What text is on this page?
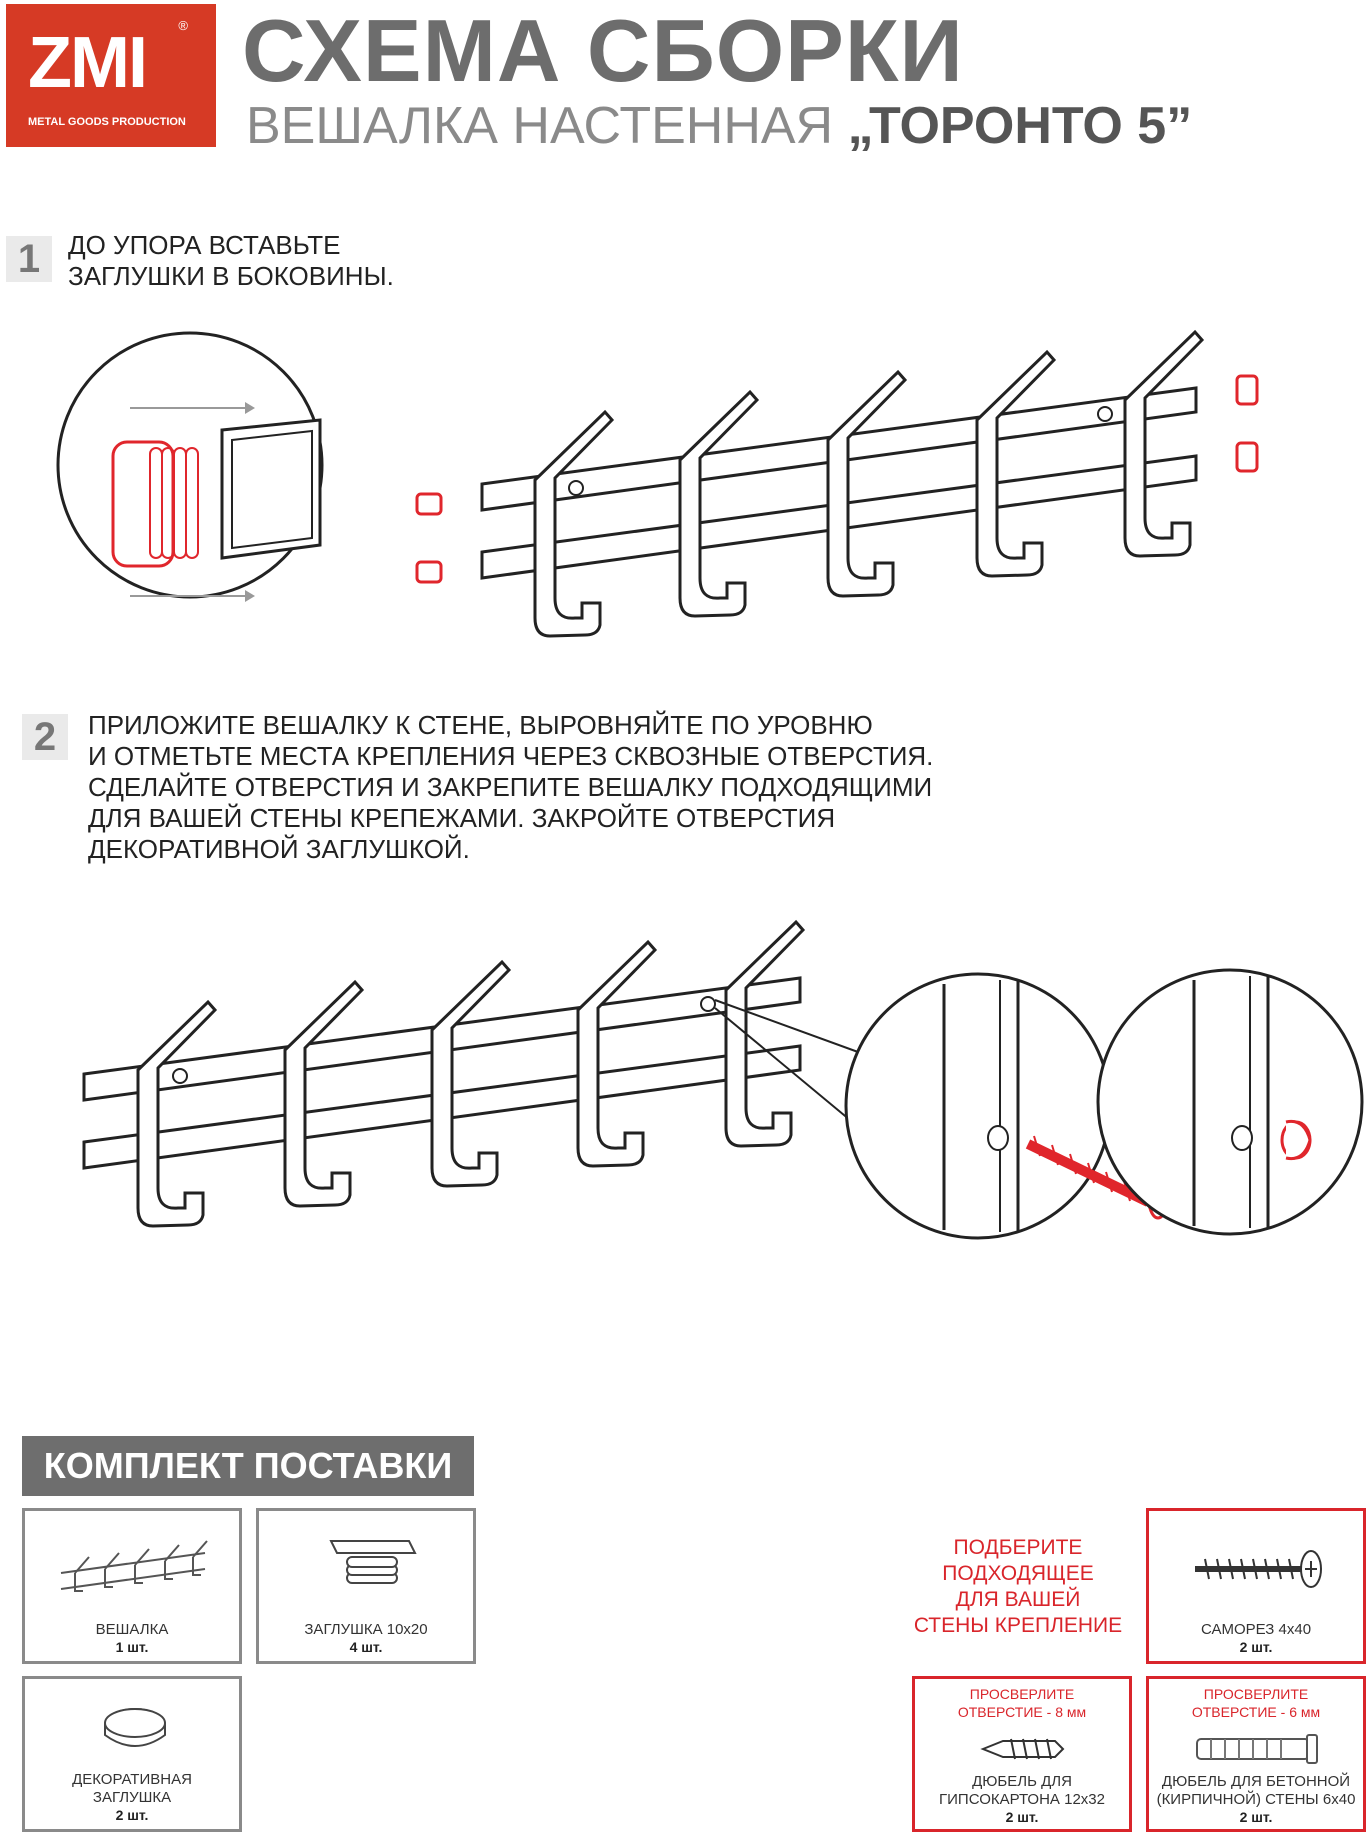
ZMI ®
METAL GOODS PRODUCTION
СХЕМА СБОРКИ
ВЕШАЛКА НАСТЕННАЯ „ТОРОНТО 5”
1	ДО УПОРА ВСТАВЬТЕ
ЗАГЛУШКИ В БОКОВИНЫ.
2	ПРИЛОЖИТЕ ВЕШАЛКУ К СТЕНЕ, ВЫРОВНЯЙТЕ ПО УРОВНЮ
И ОТМЕТЬТЕ МЕСТА КРЕПЛЕНИЯ ЧЕРЕЗ СКВОЗНЫЕ ОТВЕРСТИЯ.
СДЕЛАЙТЕ ОТВЕРСТИЯ И ЗАКРЕПИТЕ ВЕШАЛКУ ПОДХОДЯЩИМИ
ДЛЯ ВАШЕЙ СТЕНЫ КРЕПЕЖАМИ. ЗАКРОЙТЕ ОТВЕРСТИЯ
ДЕКОРАТИВНОЙ ЗАГЛУШКОЙ.
КОМПЛЕКТ ПОСТАВКИ
ВЕШАЛКА
1 шт.
ЗАГЛУШКА 10х20
4 шт.
ДЕКОРАТИВНАЯ
ЗАГЛУШКА
2 шт.
ПОДБЕРИТЕ
ПОДХОДЯЩЕЕ
ДЛЯ ВАШЕЙ
СТЕНЫ КРЕПЛЕНИЕ	САМОРЕЗ 4х40
2 шт.
ПРОСВЕРЛИТЕ
ОТВЕРСТИЕ - 8 мм
ДЮБЕЛЬ ДЛЯ
ГИПСОКАРТОНА 12х32
2 шт.
ПРОСВЕРЛИТЕ
ОТВЕРСТИЕ - 6 мм
ДЮБЕЛЬ ДЛЯ БЕТОННОЙ
(КИРПИЧНОЙ) СТЕНЫ 6х40
2 шт.
